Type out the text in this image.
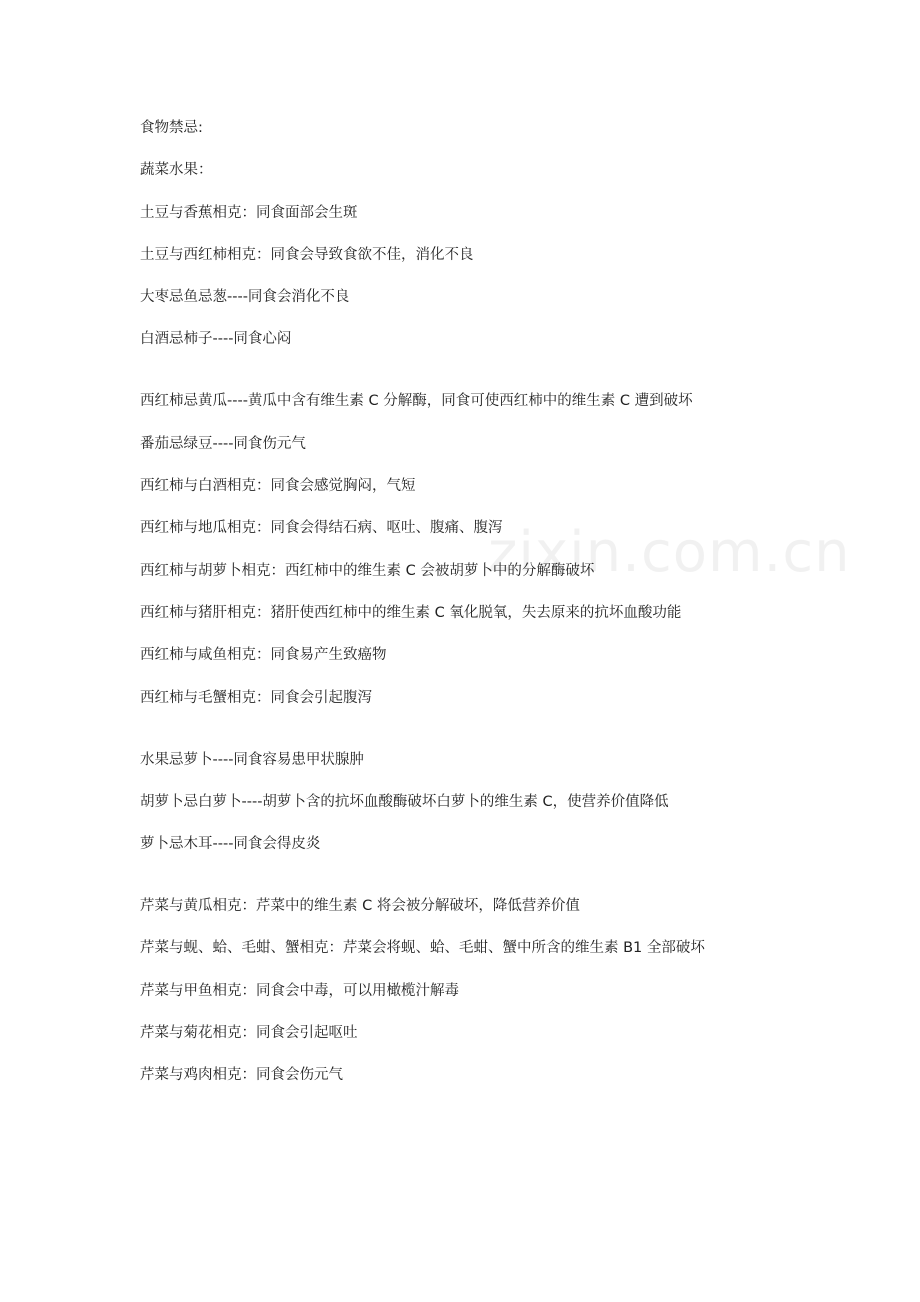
zixin.com.cn
食物禁忌:
蔬菜水果：
土豆与香蕉相克：同食面部会生斑
土豆与西红柿相克：同食会导致食欲不佳，消化不良
大枣忌鱼忌葱----同食会消化不良
白酒忌柿子----同食心闷
西红柿忌黄瓜----黄瓜中含有维生素 C 分解酶，同食可使西红柿中的维生素 C 遭到破坏
番茄忌绿豆----同食伤元气
西红柿与白酒相克：同食会感觉胸闷，气短
西红柿与地瓜相克：同食会得结石病、呕吐、腹痛、腹泻
西红柿与胡萝卜相克：西红柿中的维生素 C 会被胡萝卜中的分解酶破坏
西红柿与猪肝相克：猪肝使西红柿中的维生素 C 氧化脱氧，失去原来的抗坏血酸功能
西红柿与咸鱼相克：同食易产生致癌物
西红柿与毛蟹相克：同食会引起腹泻
水果忌萝卜----同食容易患甲状腺肿
胡萝卜忌白萝卜----胡萝卜含的抗坏血酸酶破坏白萝卜的维生素 C，使营养价值降低
萝卜忌木耳----同食会得皮炎
芹菜与黄瓜相克：芹菜中的维生素 C 将会被分解破坏，降低营养价值
芹菜与蚬、蛤、毛蚶、蟹相克：芹菜会将蚬、蛤、毛蚶、蟹中所含的维生素 B1 全部破坏
芹菜与甲鱼相克：同食会中毒，可以用橄榄汁解毒
芹菜与菊花相克：同食会引起呕吐
芹菜与鸡肉相克：同食会伤元气
